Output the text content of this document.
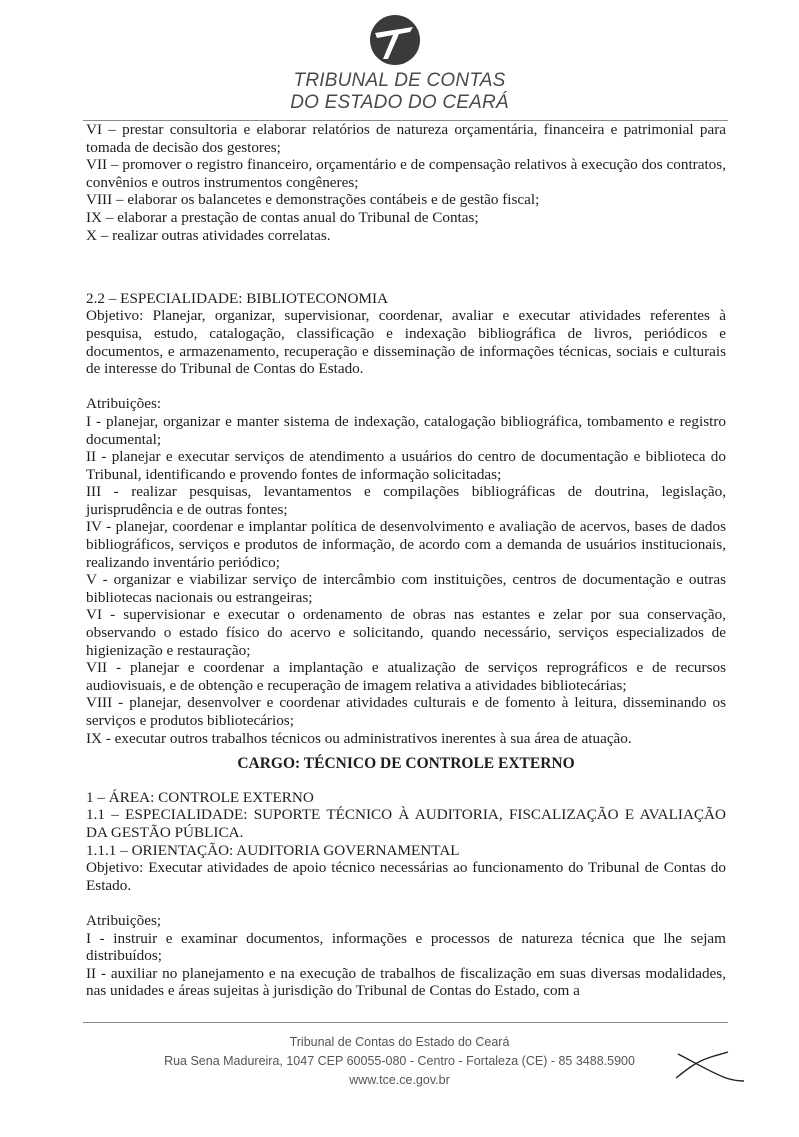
TRIBUNAL DE CONTAS
DO ESTADO DO CEARÁ

VI – prestar consultoria e elaborar relatórios de natureza orçamentária, financeira e patrimonial para tomada de decisão dos gestores;

VII – promover o registro financeiro, orçamentário e de compensação relativos à execução dos contratos, convênios e outros instrumentos congêneres;

VIII – elaborar os balancetes e demonstrações contábeis e de gestão fiscal;

IX – elaborar a prestação de contas anual do Tribunal de Contas;

X – realizar outras atividades correlatas.

2.2 – ESPECIALIDADE: BIBLIOTECONOMIA

Objetivo: Planejar, organizar, supervisionar, coordenar, avaliar e executar atividades referentes à pesquisa, estudo, catalogação, classificação e indexação bibliográfica de livros, periódicos e documentos, e armazenamento, recuperação e disseminação de informações técnicas, sociais e culturais de interesse do Tribunal de Contas do Estado.

Atribuições:

I - planejar, organizar e manter sistema de indexação, catalogação bibliográfica, tombamento e registro documental;

II - planejar e executar serviços de atendimento a usuários do centro de documentação e biblioteca do Tribunal, identificando e provendo fontes de informação solicitadas;

III - realizar pesquisas, levantamentos e compilações bibliográficas de doutrina, legislação, jurisprudência e de outras fontes;

IV - planejar, coordenar e implantar política de desenvolvimento e avaliação de acervos, bases de dados bibliográficos, serviços e produtos de informação, de acordo com a demanda de usuários institucionais, realizando inventário periódico;

V - organizar e viabilizar serviço de intercâmbio com instituições, centros de documentação e outras bibliotecas nacionais ou estrangeiras;

VI - supervisionar e executar o ordenamento de obras nas estantes e zelar por sua conservação, observando o estado físico do acervo e solicitando, quando necessário, serviços especializados de higienização e restauração;

VII - planejar e coordenar a implantação e atualização de serviços reprográficos e de recursos audiovisuais, e de obtenção e recuperação de imagem relativa a atividades bibliotecárias;

VIII - planejar, desenvolver e coordenar atividades culturais e de fomento à leitura, disseminando os serviços e produtos bibliotecários;

IX - executar outros trabalhos técnicos ou administrativos inerentes à sua área de atuação.

CARGO: TÉCNICO DE CONTROLE EXTERNO

1 – ÁREA: CONTROLE EXTERNO

1.1 – ESPECIALIDADE: SUPORTE TÉCNICO À AUDITORIA, FISCALIZAÇÃO E AVALIAÇÃO DA GESTÃO PÚBLICA.

1.1.1 – ORIENTAÇÃO: AUDITORIA GOVERNAMENTAL

Objetivo: Executar atividades de apoio técnico necessárias ao funcionamento do Tribunal de Contas do Estado.

Atribuições;

I - instruir e examinar documentos, informações e processos de natureza técnica que lhe sejam distribuídos;

II - auxiliar no planejamento e na execução de trabalhos de fiscalização em suas diversas modalidades, nas unidades e áreas sujeitas à jurisdição do Tribunal de Contas do Estado, com a

Tribunal de Contas do Estado do Ceará
Rua Sena Madureira, 1047 CEP 60055-080 - Centro - Fortaleza (CE) - 85 3488.5900
www.tce.ce.gov.br
